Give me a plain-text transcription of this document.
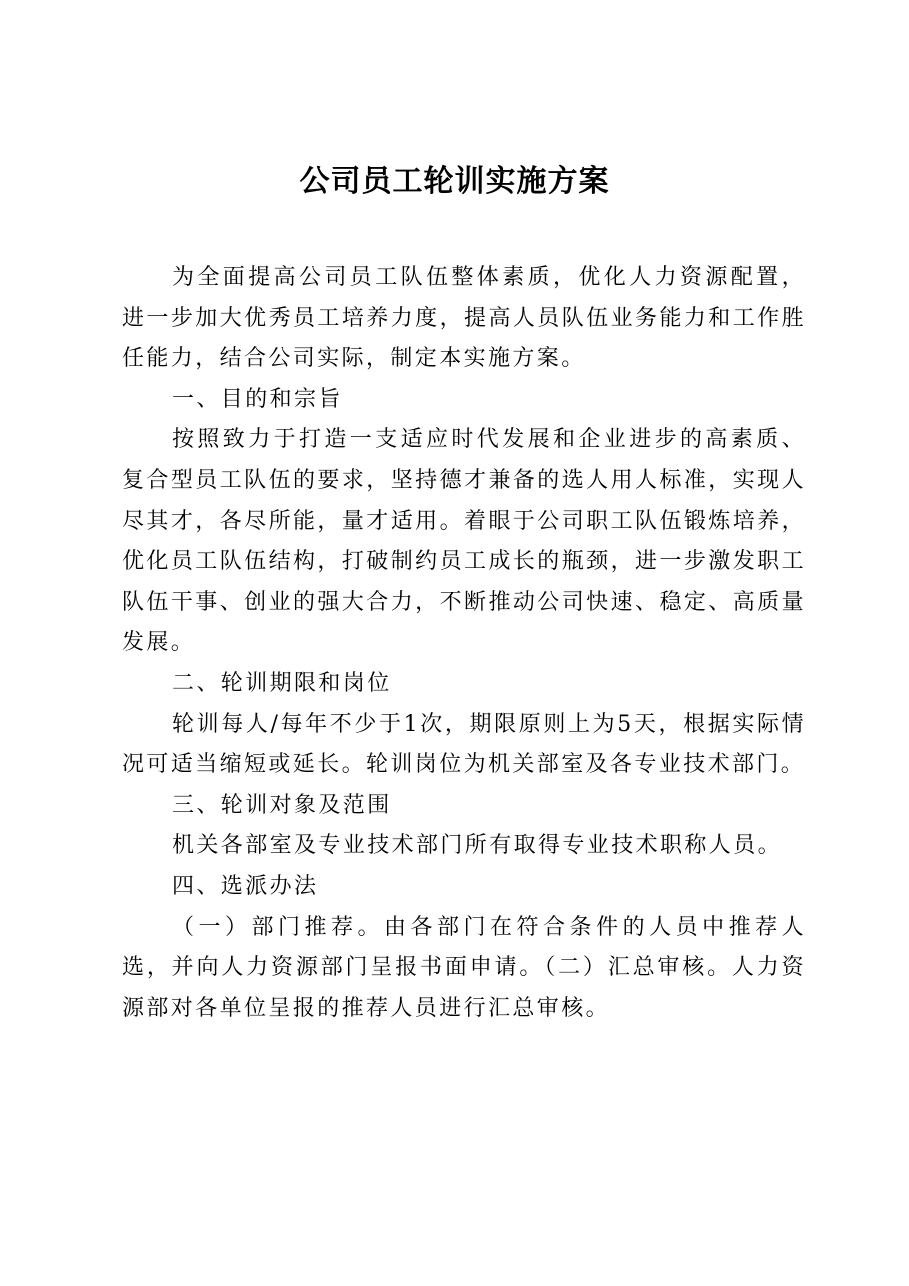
公司员工轮训实施方案

为全面提高公司员工队伍整体素质，优化人力资源配置，进一步加大优秀员工培养力度，提高人员队伍业务能力和工作胜任能力，结合公司实际，制定本实施方案。

一、目的和宗旨

按照致力于打造一支适应时代发展和企业进步的高素质、复合型员工队伍的要求，坚持德才兼备的选人用人标准，实现人尽其才，各尽所能，量才适用。着眼于公司职工队伍锻炼培养，优化员工队伍结构，打破制约员工成长的瓶颈，进一步激发职工队伍干事、创业的强大合力，不断推动公司快速、稳定、高质量发展。

二、轮训期限和岗位

轮训每人/每年不少于1次，期限原则上为5天，根据实际情况可适当缩短或延长。轮训岗位为机关部室及各专业技术部门。

三、轮训对象及范围

机关各部室及专业技术部门所有取得专业技术职称人员。

四、选派办法

（一）部门推荐。由各部门在符合条件的人员中推荐人选，并向人力资源部门呈报书面申请。（二）汇总审核。人力资源部对各单位呈报的推荐人员进行汇总审核。
